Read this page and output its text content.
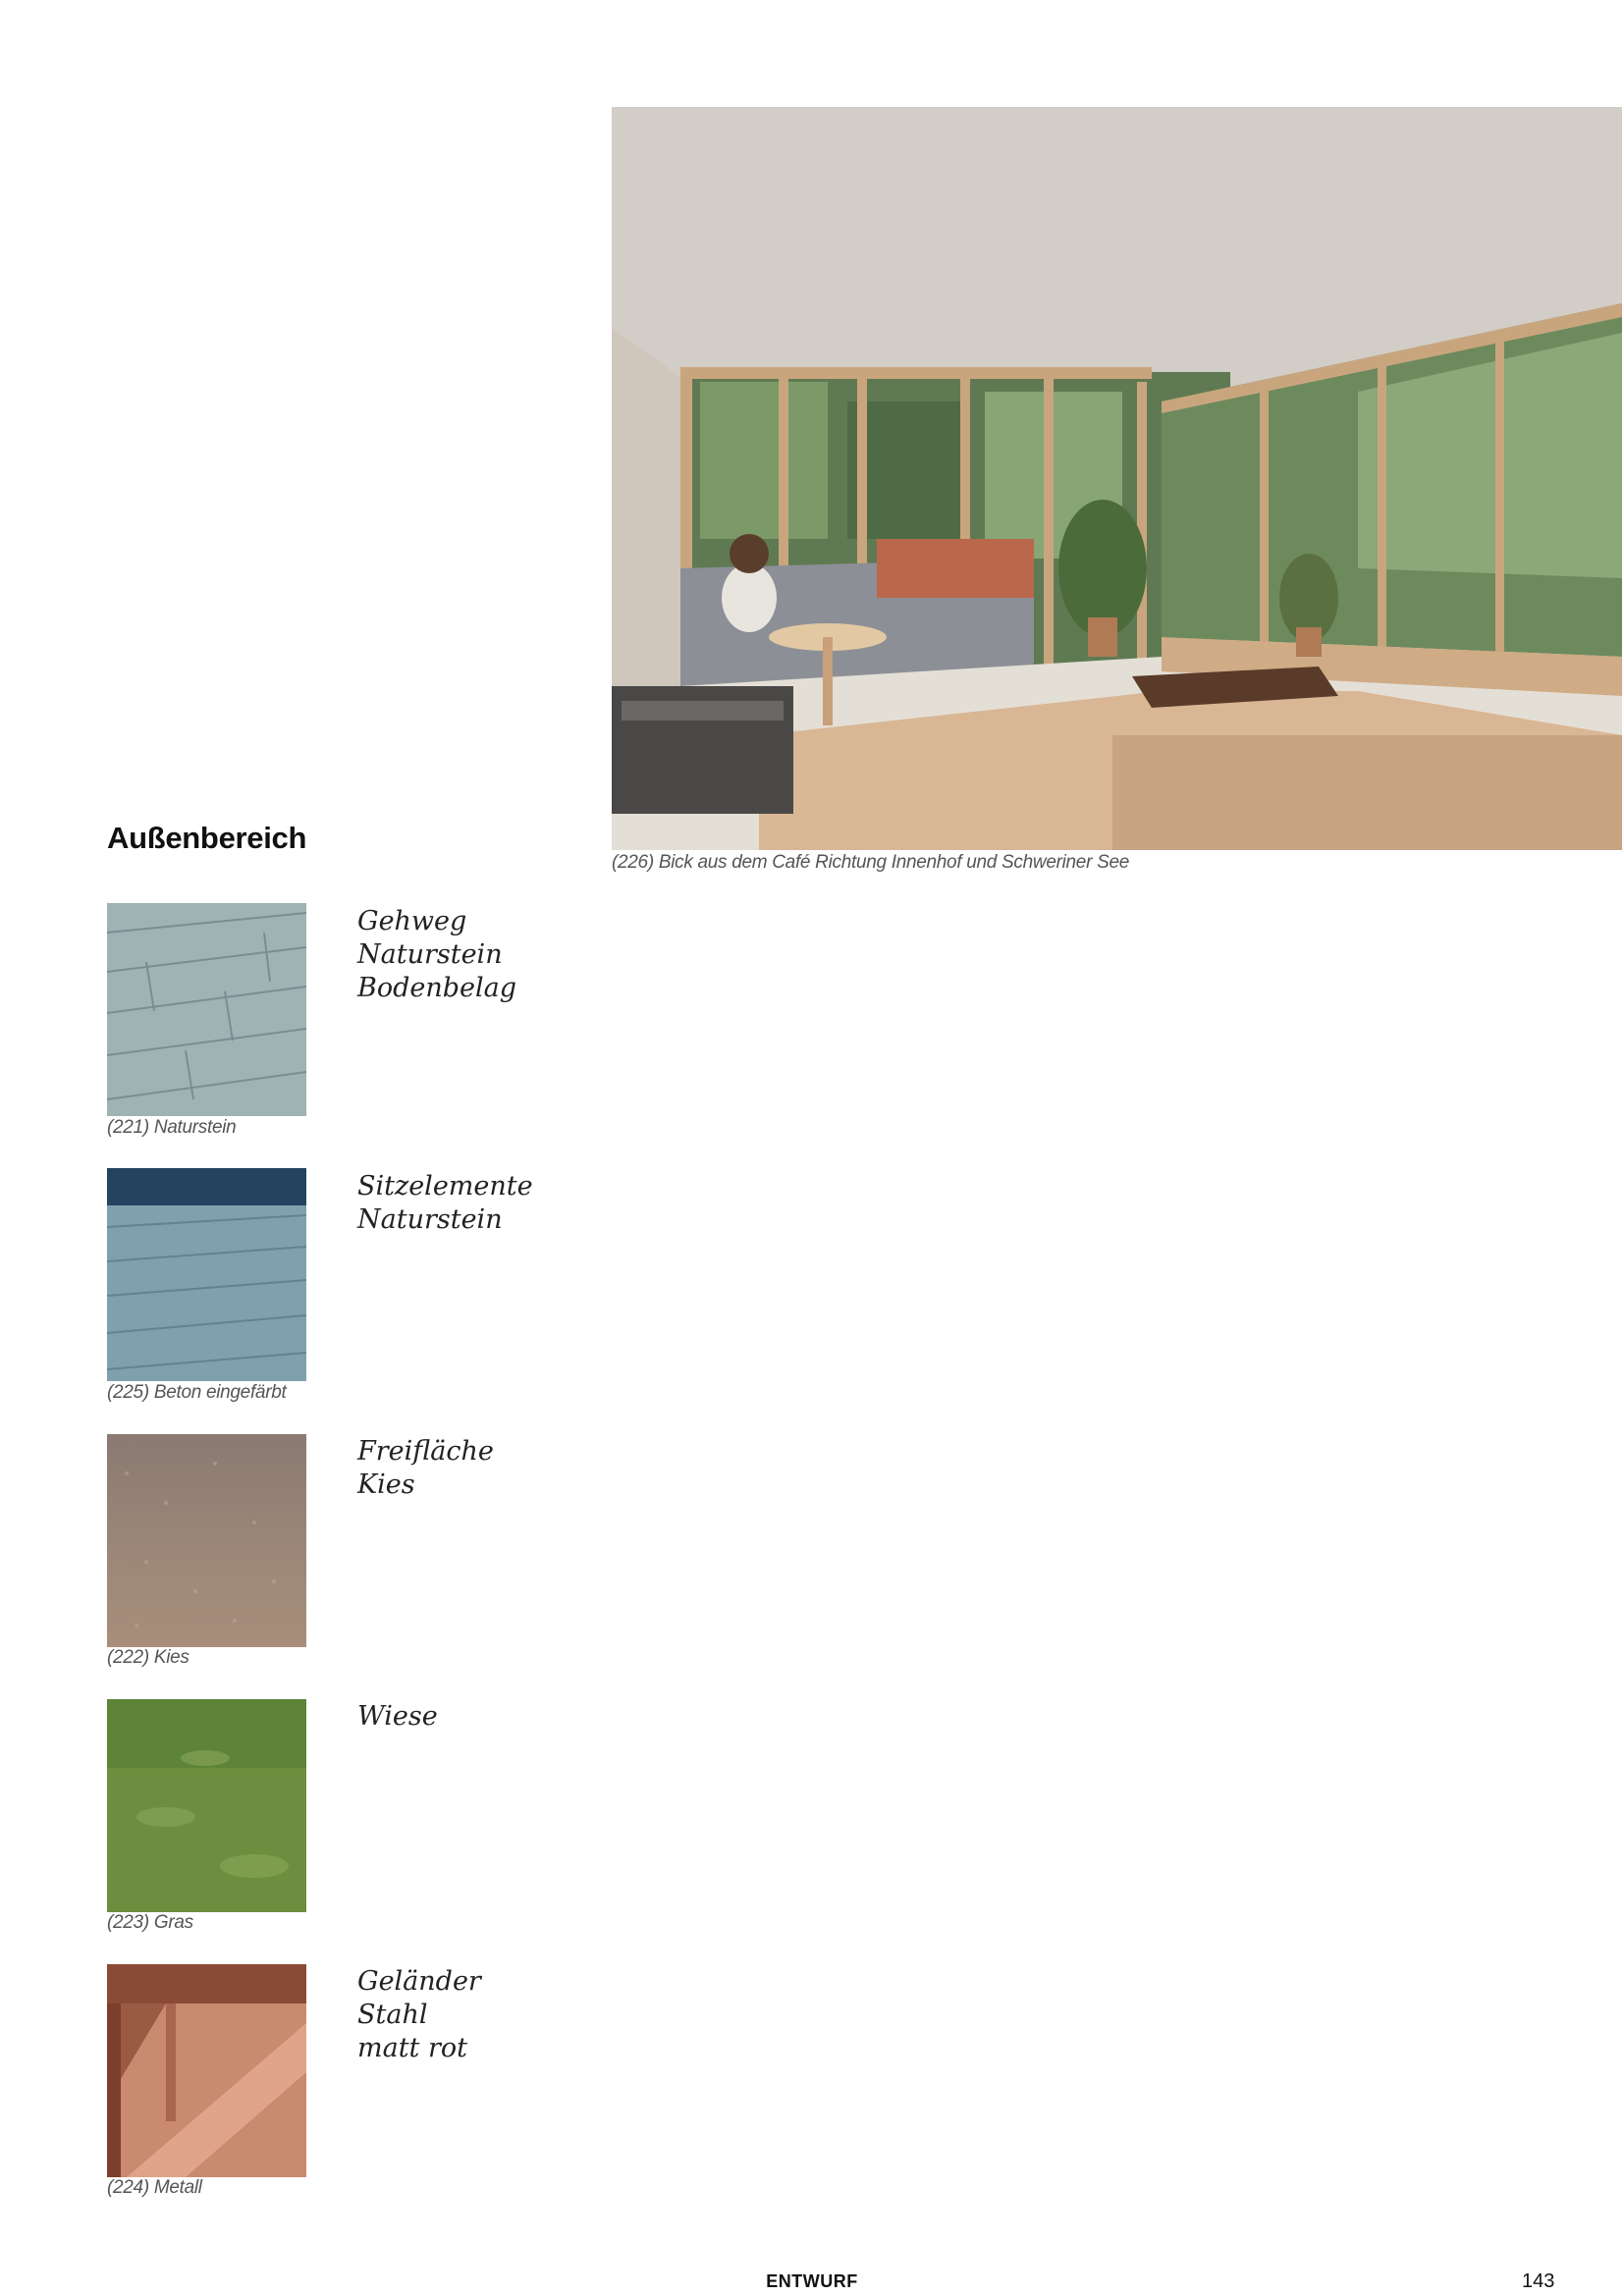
(226) Bick aus dem Café Richtung Innenhof und Schweriner See
Außenbereich
(221) Naturstein
Gehweg
Naturstein
Bodenbelag
(225) Beton eingefärbt
Sitzelemente
Naturstein
(222) Kies
Freifläche
Kies
(223) Gras
Wiese
(224) Metall
Geländer
Stahl
matt rot
ENTWURF	143
